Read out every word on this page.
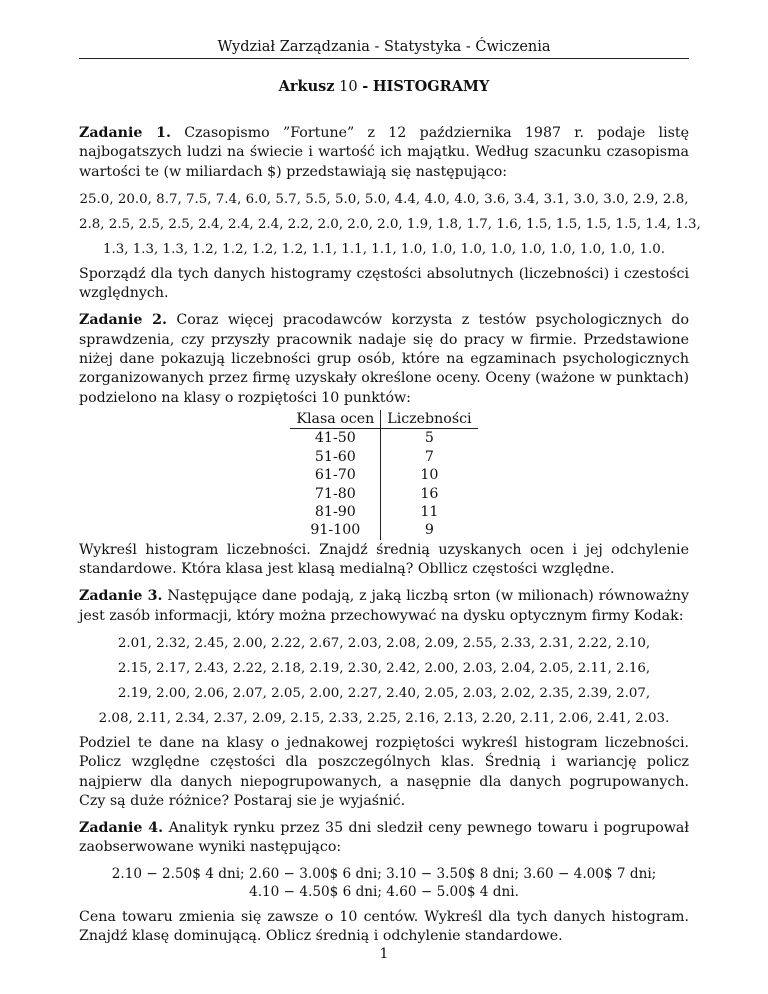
Wydział Zarządzania - Statystyka - Ćwiczenia
Arkusz 10 - HISTOGRAMY

Zadanie 1. Czasopismo ”Fortune” z 12 października 1987 r. podaje listę najbogatszych ludzi na świecie i wartość ich majątku. Według szacunku czasopisma wartości te (w miliardach $) przedstawiają się następująco:

25.0, 20.0, 8.7, 7.5, 7.4, 6.0, 5.7, 5.5, 5.0, 5.0, 4.4, 4.0, 4.0, 3.6, 3.4, 3.1, 3.0, 3.0, 2.9, 2.8,
2.8, 2.5, 2.5, 2.5, 2.4, 2.4, 2.4, 2.2, 2.0, 2.0, 2.0, 1.9, 1.8, 1.7, 1.6, 1.5, 1.5, 1.5, 1.5, 1.4, 1.3,
1.3, 1.3, 1.3, 1.2, 1.2, 1.2, 1.2, 1.1, 1.1, 1.1, 1.0, 1.0, 1.0, 1.0, 1.0, 1.0, 1.0, 1.0, 1.0.

Sporządź dla tych danych histogramy częstości absolutnych (liczebności) i czestości względnych.

Zadanie 2. Coraz więcej pracodawców korzysta z testów psychologicznych do sprawdzenia, czy przyszły pracownik nadaje się do pracy w firmie. Przedstawione niżej dane pokazują liczebności grup osób, które na egzaminach psychologicznych zorganizowanych przez firmę uzyskały określone oceny. Oceny (ważone w punktach) podzielono na klasy o rozpiętości 10 punktów:

Klasa ocen	Liczebności
41-50	5
51-60	7
61-70	10
71-80	16
81-90	11
91-100	9

Wykreśl histogram liczebności. Znajdź średnią uzyskanych ocen i jej odchylenie standardowe. Która klasa jest klasą medialną? Obllicz częstości względne.

Zadanie 3. Następujące dane podają, z jaką liczbą srton (w milionach) równoważny jest zasób informacji, który można przechowywać na dysku optycznym firmy Kodak:

2.01, 2.32, 2.45, 2.00, 2.22, 2.67, 2.03, 2.08, 2.09, 2.55, 2.33, 2.31, 2.22, 2.10,
2.15, 2.17, 2.43, 2.22, 2.18, 2.19, 2.30, 2.42, 2.00, 2.03, 2.04, 2.05, 2.11, 2.16,
2.19, 2.00, 2.06, 2.07, 2.05, 2.00, 2.27, 2.40, 2.05, 2.03, 2.02, 2.35, 2.39, 2.07,
2.08, 2.11, 2.34, 2.37, 2.09, 2.15, 2.33, 2.25, 2.16, 2.13, 2.20, 2.11, 2.06, 2.41, 2.03.

Podziel te dane na klasy o jednakowej rozpiętości wykreśl histogram liczebności. Policz względne częstości dla poszczególnych klas. Średnią i wariancję policz najpierw dla danych niepogrupowanych, a nasępnie dla danych pogrupowanych. Czy są duże różnice? Postaraj sie je wyjaśnić.

Zadanie 4. Analityk rynku przez 35 dni sledził ceny pewnego towaru i pogrupował zaobserwowane wyniki następująco:

2.10 − 2.50$ 4 dni; 2.60 − 3.00$ 6 dni; 3.10 − 3.50$ 8 dni; 3.60 − 4.00$ 7 dni;
4.10 − 4.50$ 6 dni; 4.60 − 5.00$ 4 dni.

Cena towaru zmienia się zawsze o 10 centów. Wykreśl dla tych danych histogram. Znajdź klasę dominującą. Oblicz średnią i odchylenie standardowe.

1
